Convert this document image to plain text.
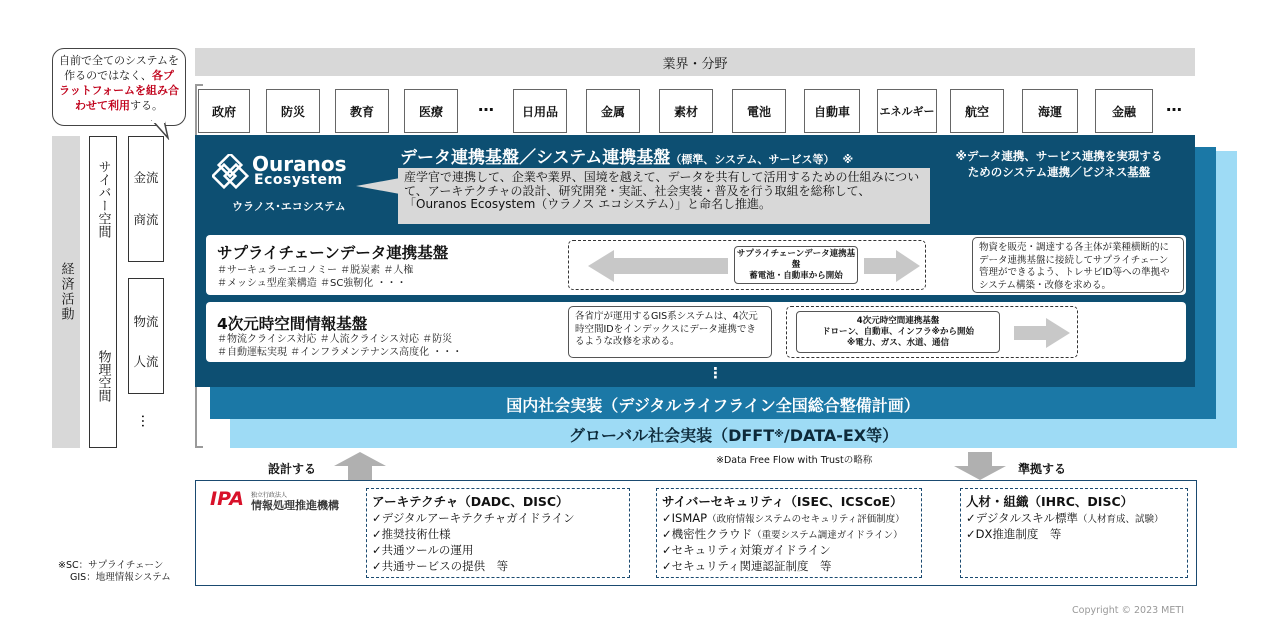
自前で全てのシステムを作るのではなく、各プラットフォームを組み合わせて利用する。
経済活動
サイバー空間
物理空間
金流
商流
物流
人流
…
業界・分野
政府	防災	教育	医療	…	日用品	金属	素材	電池	自動車	エネルギー	航空	海運	金融	…
データ連携基盤／システム連携基盤（標準、システム、サービス等） ※	※データ連携、サービス連携を実現するためのシステム連携／ビジネス基盤
Ouranos
Ecosystem
ウラノス･エコシステム
産学官で連携して、企業や業界、国境を越えて、データを共有して活用するための仕組みについて、アーキテクチャの設計、研究開発・実証、社会実装・普及を行う取組を総称して、「Ouranos Ecosystem（ウラノス エコシステム）」と命名し推進。
サプライチェーンデータ連携基盤
＃サーキュラーエコノミー ＃脱炭素 ＃人権
＃メッシュ型産業構造 ＃SC強靭化 ・・・
サプライチェーンデータ連携基盤
蓄電池・自動車から開始
物資を販売・調達する各主体が業種横断的にデータ連携基盤に接続してサプライチェーン管理ができるよう、トレサビID等への準拠やシステム構築・改修を求める。
4次元時空間情報基盤
＃物流クライシス対応 ＃人流クライシス対応 ＃防災
＃自動運転実現 ＃インフラメンテナンス高度化 ・・・
各省庁が運用するGIS系システムは、4次元時空間IDをインデックスにデータ連携できるような改修を求める。
4次元時空間連携基盤
ドローン、自動車、インフラ※から開始
※電力、ガス、水道、通信
⋮
国内社会実装（デジタルライフライン全国総合整備計画）
グローバル社会実装（DFFT ※ /DATA-EX等）
※Data Free Flow with Trustの略称
設計する	準拠する
IPA 独立行政法人
情報処理推進機構	アーキテクチャ（DADC、DISC）
✓デジタルアーキテクチャガイドライン
✓推奨技術仕様
✓共通ツールの運用
✓共通サービスの提供　等
サイバーセキュリティ（ISEC、ICSCoE）
✓ISMAP（政府情報システムのセキュリティ評価制度）
✓機密性クラウド（重要システム調達ガイドライン）
✓セキュリティ対策ガイドライン
✓セキュリティ関連認証制度　等
人材・組織（IHRC、DISC）
✓デジタルスキル標準（人材育成、試験）
✓DX推進制度　等
※SC：サプライチェーン
GIS：地理情報システム
Copyright © 2023 METI
